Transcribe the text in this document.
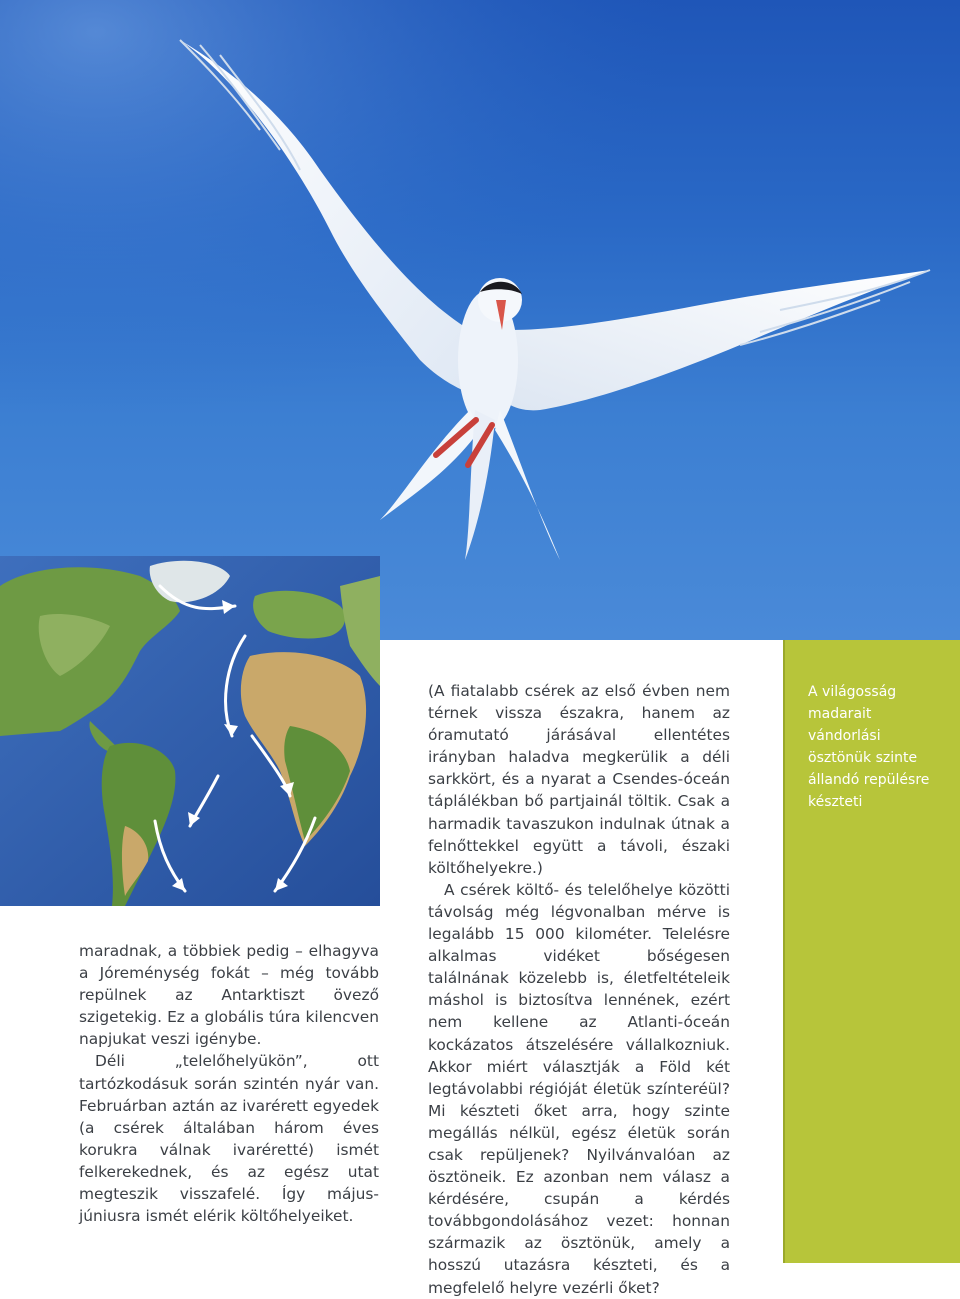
maradnak, a többiek pedig – elhagyva a Jóreménység fokát – még tovább repülnek az Antarktiszt övező szigetekig. Ez a globális túra kilencven napjukat veszi igénybe.

Déli „telelőhelyükön”, ott tartózkodásuk során szintén nyár van. Februárban aztán az ivarérett egyedek (a csérek általában három éves korukra válnak ivaréretté) ismét felkerekednek, és az egész utat megteszik visszafelé. Így május-júniusra ismét elérik költőhelyeiket.

(A fiatalabb csérek az első évben nem térnek vissza északra, hanem az óramutató járásával ellentétes irányban haladva megkerülik a déli sarkkört, és a nyarat a Csendes-óceán táplálékban bő partjainál töltik. Csak a harmadik tavaszukon indulnak útnak a felnőttekkel együtt a távoli, északi költőhelyekre.)

A csérek költő- és telelőhelye közötti távolság még légvonalban mérve is legalább 15 000 kilométer. Telelésre alkalmas vidéket bőségesen találnának közelebb is, életfeltételeik máshol is biztosítva lennének, ezért nem kellene az Atlanti-óceán kockázatos átszelésére vállalkozniuk. Akkor miért választják a Föld két legtávolabbi régióját életük színteréül? Mi készteti őket arra, hogy szinte megállás nélkül, egész életük során csak repüljenek? Nyilvánvalóan az ösztöneik. Ez azonban nem válasz a kérdésére, csupán a kérdés továbbgondolásához vezet: honnan származik az ösztönük, amely a hosszú utazásra készteti, és a megfelelő helyre vezérli őket?

A világosság
madarait
vándorlási
ösztönük szinte
állandó repülésre
készteti
